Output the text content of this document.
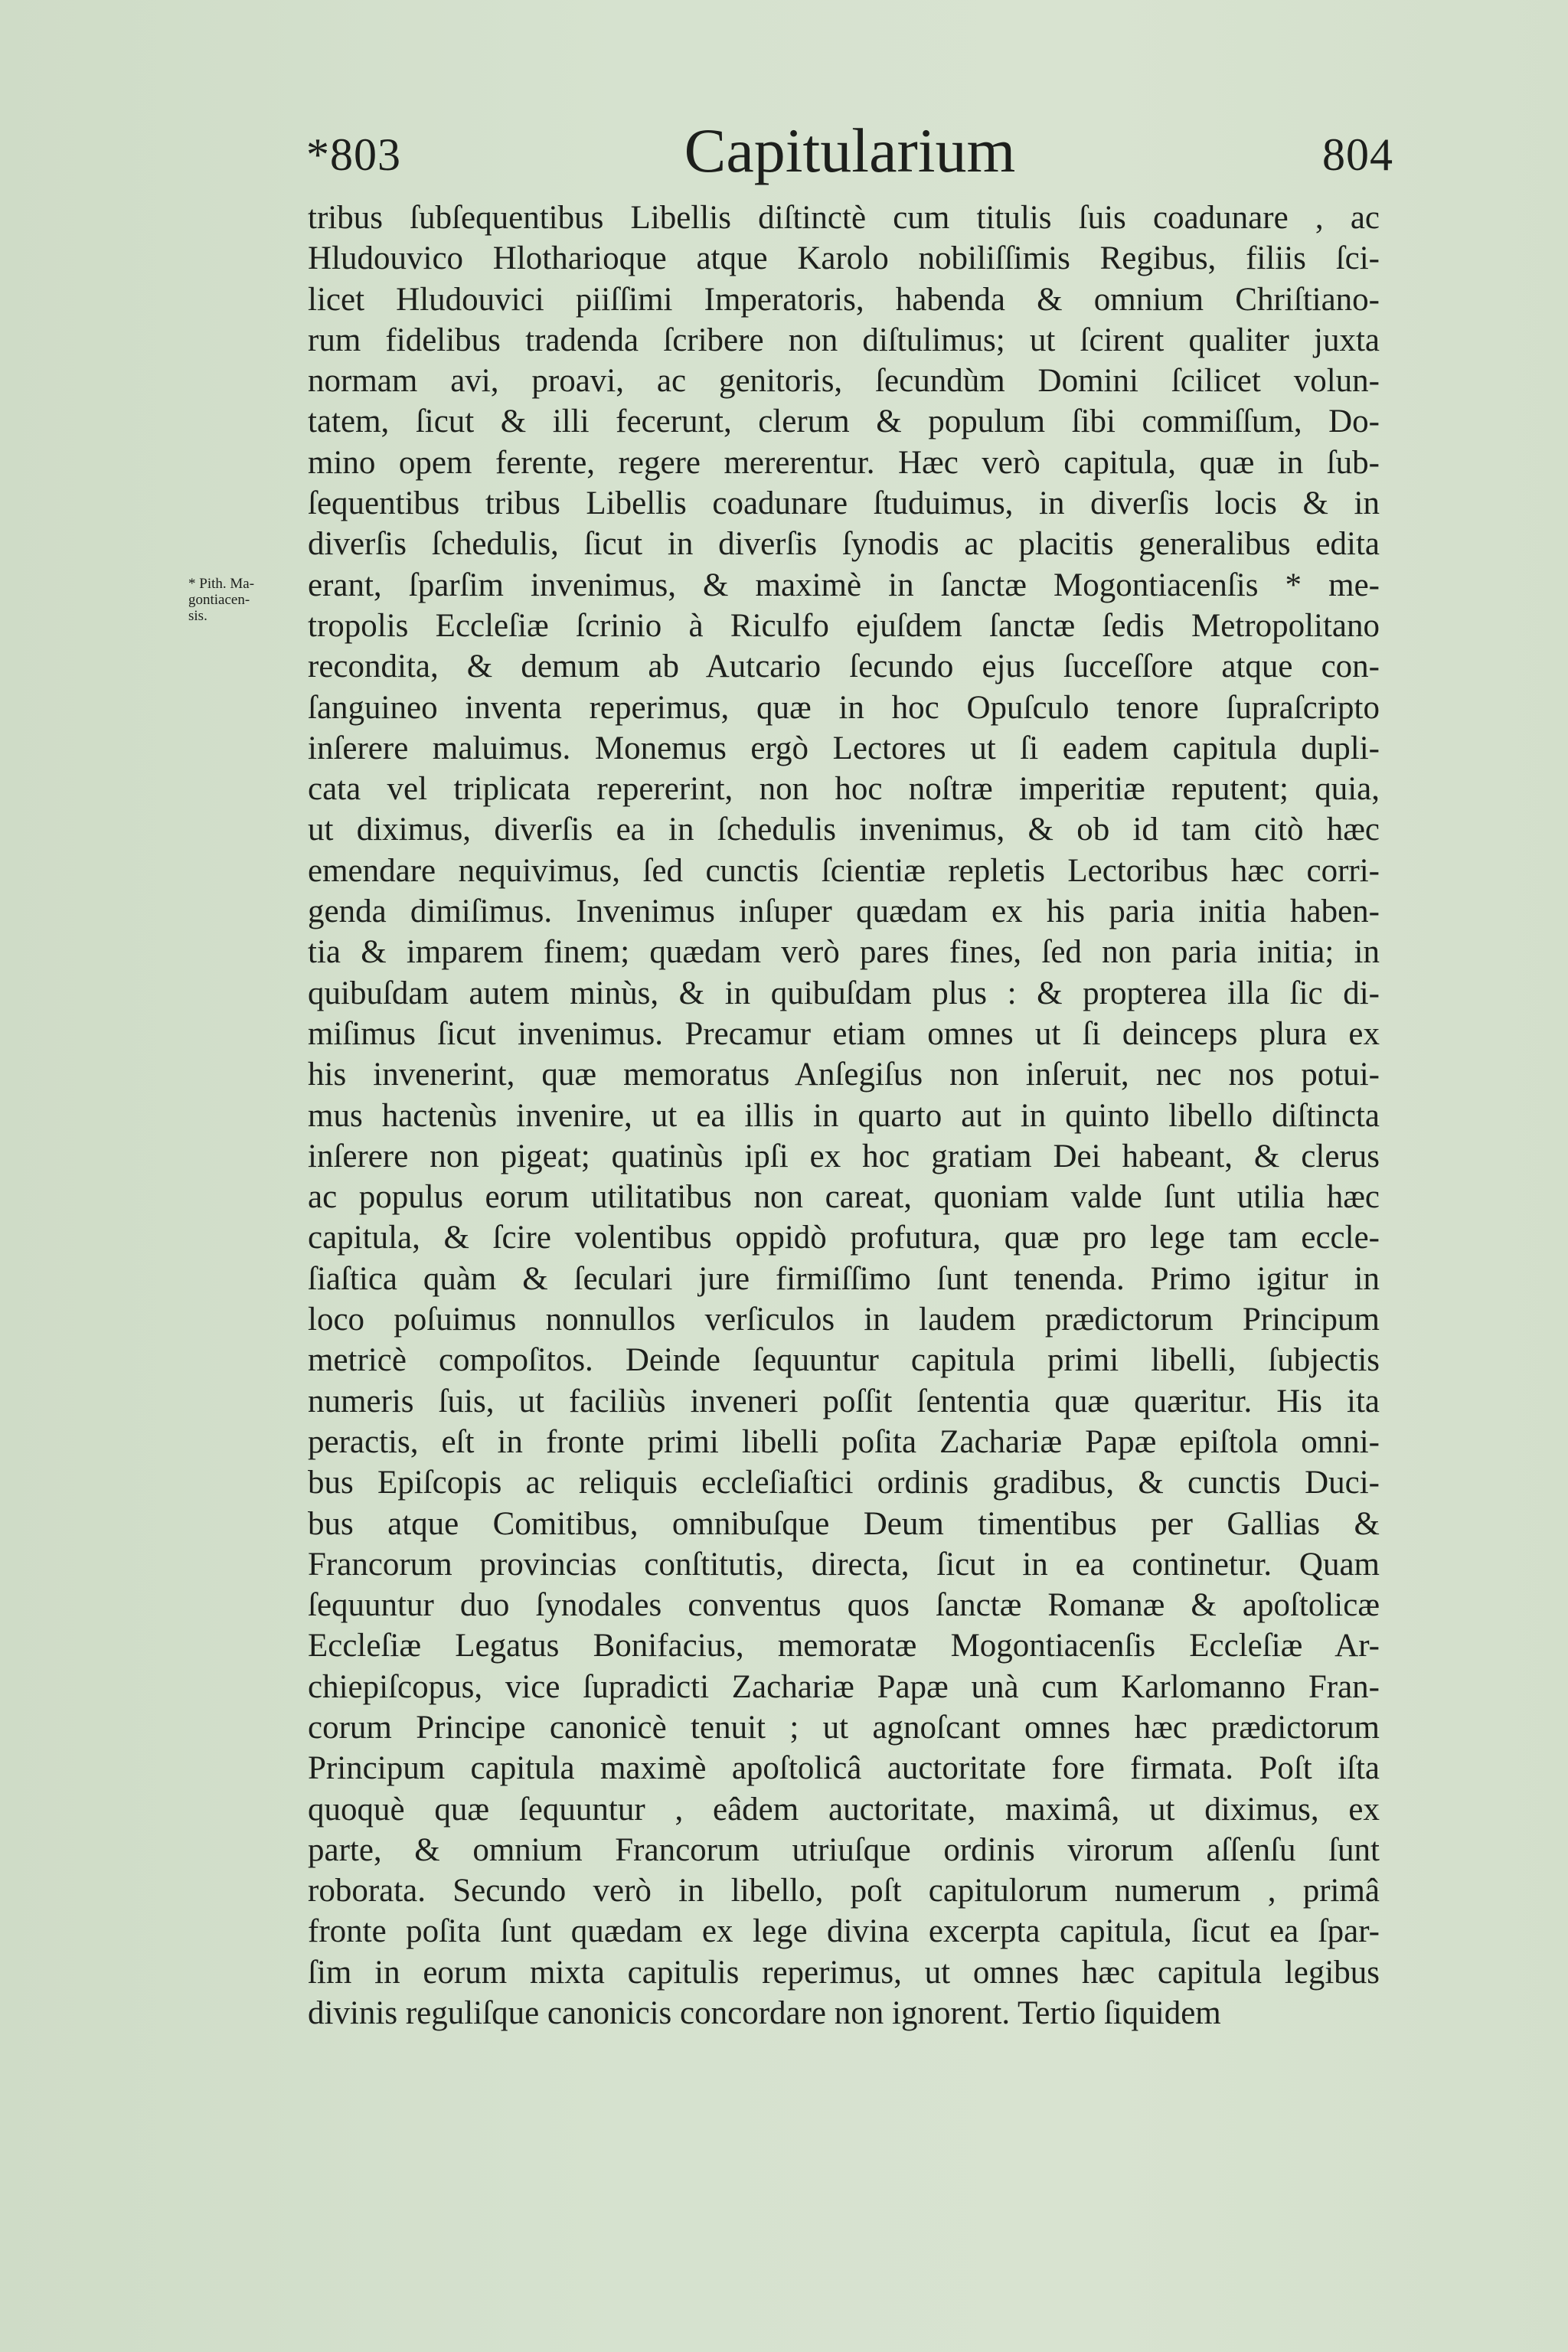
*803	Capitularium	804
* Pith. Ma-
gontiacen-
sis.
tribus ſubſequentibus Libellis diſtinctè cum titulis ſuis coadunare , ac
Hludouvico Hlotharioque atque Karolo nobiliſſimis Regibus, filiis ſci-
licet Hludouvici piiſſimi Imperatoris, habenda & omnium Chriſtiano-
rum fidelibus tradenda ſcribere non diſtulimus; ut ſcirent qualiter juxta
normam avi, proavi, ac genitoris, ſecundùm Domini ſcilicet volun-
tatem, ſicut & illi fecerunt, clerum & populum ſibi commiſſum, Do-
mino opem ferente, regere mererentur. Hæc verò capitula, quæ in ſub-
ſequentibus tribus Libellis coadunare ſtuduimus, in diverſis locis & in
diverſis ſchedulis, ſicut in diverſis ſynodis ac placitis generalibus edita
erant, ſparſim invenimus, & maximè in ſanctæ Mogontiacenſis * me-
tropolis Eccleſiæ ſcrinio à Riculfo ejuſdem ſanctæ ſedis Metropolitano
recondita, & demum ab Autcario ſecundo ejus ſucceſſore atque con-
ſanguineo inventa reperimus, quæ in hoc Opuſculo tenore ſupraſcripto
inſerere maluimus. Monemus ergò Lectores ut ſi eadem capitula dupli-
cata vel triplicata repererint, non hoc noſtræ imperitiæ reputent; quia,
ut diximus, diverſis ea in ſchedulis invenimus, & ob id tam citò hæc
emendare nequivimus, ſed cunctis ſcientiæ repletis Lectoribus hæc corri-
genda dimiſimus. Invenimus inſuper quædam ex his paria initia haben-
tia & imparem finem; quædam verò pares fines, ſed non paria initia; in
quibuſdam autem minùs, & in quibuſdam plus : & propterea illa ſic di-
miſimus ſicut invenimus. Precamur etiam omnes ut ſi deinceps plura ex
his invenerint, quæ memoratus Anſegiſus non inſeruit, nec nos potui-
mus hactenùs invenire, ut ea illis in quarto aut in quinto libello diſtincta
inſerere non pigeat; quatinùs ipſi ex hoc gratiam Dei habeant, & clerus
ac populus eorum utilitatibus non careat, quoniam valde ſunt utilia hæc
capitula, & ſcire volentibus oppidò profutura, quæ pro lege tam eccle-
ſiaſtica quàm & ſeculari jure firmiſſimo ſunt tenenda. Primo igitur in
loco poſuimus nonnullos verſiculos in laudem prædictorum Principum
metricè compoſitos. Deinde ſequuntur capitula primi libelli, ſubjectis
numeris ſuis, ut faciliùs inveneri poſſit ſententia quæ quæritur. His ita
peractis, eſt in fronte primi libelli poſita Zachariæ Papæ epiſtola omni-
bus Epiſcopis ac reliquis eccleſiaſtici ordinis gradibus, & cunctis Duci-
bus atque Comitibus, omnibuſque Deum timentibus per Gallias &
Francorum provincias conſtitutis, directa, ſicut in ea continetur. Quam
ſequuntur duo ſynodales conventus quos ſanctæ Romanæ & apoſtolicæ
Eccleſiæ Legatus Bonifacius, memoratæ Mogontiacenſis Eccleſiæ Ar-
chiepiſcopus, vice ſupradicti Zachariæ Papæ unà cum Karlomanno Fran-
corum Principe canonicè tenuit ; ut agnoſcant omnes hæc prædictorum
Principum capitula maximè apoſtolicâ auctoritate fore firmata. Poſt iſta
quoquè quæ ſequuntur , eâdem auctoritate, maximâ, ut diximus, ex
parte, & omnium Francorum utriuſque ordinis virorum aſſenſu ſunt
roborata. Secundo verò in libello, poſt capitulorum numerum , primâ
fronte poſita ſunt quædam ex lege divina excerpta capitula, ſicut ea ſpar-
ſim in eorum mixta capitulis reperimus, ut omnes hæc capitula legibus
divinis reguliſque canonicis concordare non ignorent. Tertio ſiquidem
